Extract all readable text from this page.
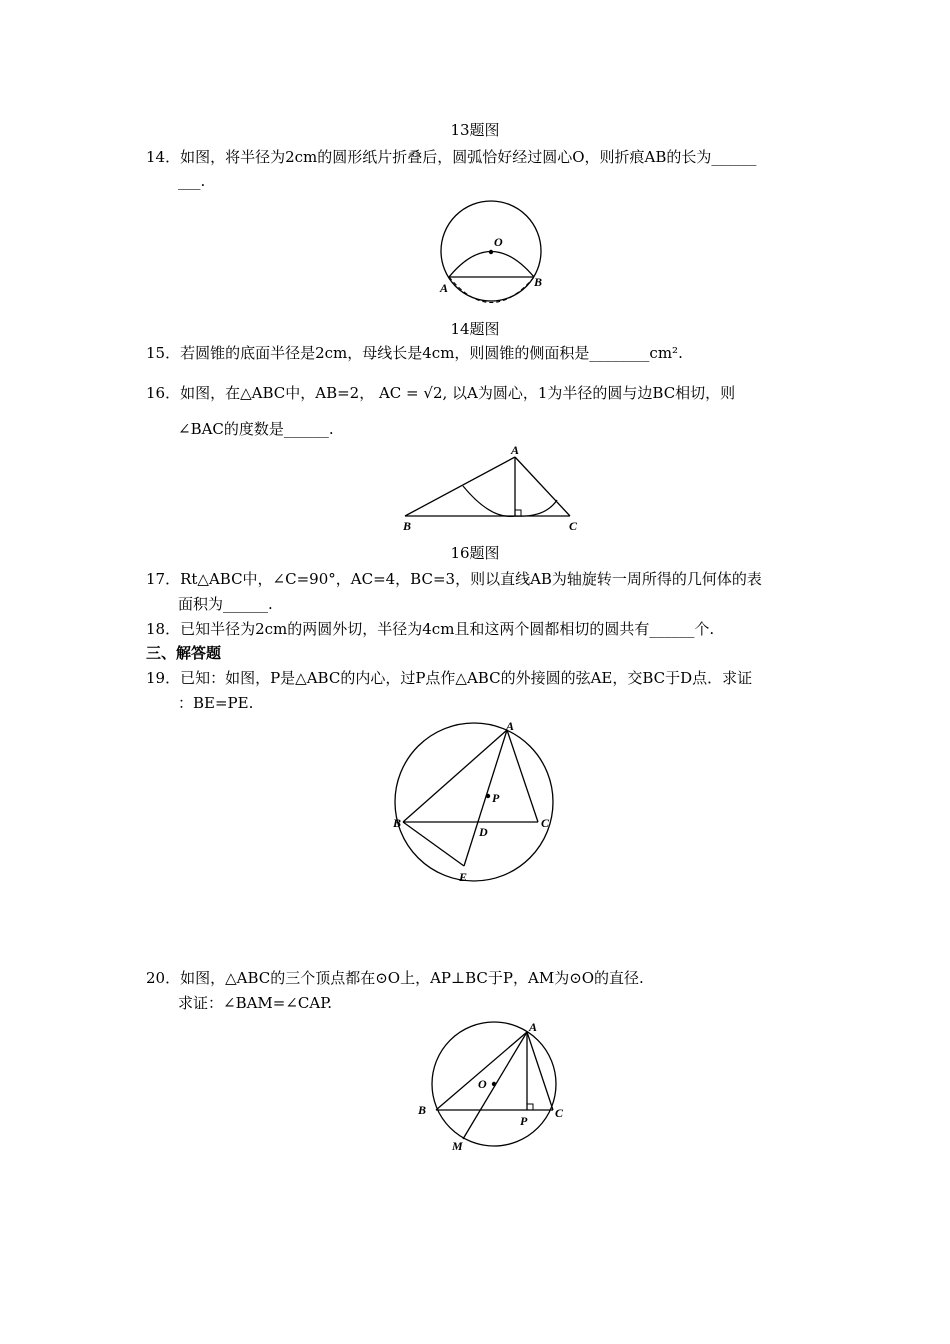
13题图
14．如图，将半径为2cm的圆形纸片折叠后，圆弧恰好经过圆心O，则折痕AB的长为______
___.
O
A	B
14题图
15．若圆锥的底面半径是2cm，母线长是4cm，则圆锥的侧面积是________cm².
16．如图，在△ABC中，AB=2， AC = √2, 以A为圆心，1为半径的圆与边BC相切，则
∠BAC的度数是______.
A
B	C
16题图
17．Rt△ABC中，∠C=90°，AC=4，BC=3，则以直线AB为轴旋转一周所得的几何体的表
面积为______.
18．已知半径为2cm的两圆外切，半径为4cm且和这两个圆都相切的圆共有______个.
三、解答题
19．已知：如图，P是△ABC的内心，过P点作△ABC的外接圆的弦AE，交BC于D点．求证
：BE=PE.
A
B	C
P
D
E
20．如图，△ABC的三个顶点都在⊙O上，AP⊥BC于P，AM为⊙O的直径.
求证：∠BAM=∠CAP.
A
B	C
O
P
M
